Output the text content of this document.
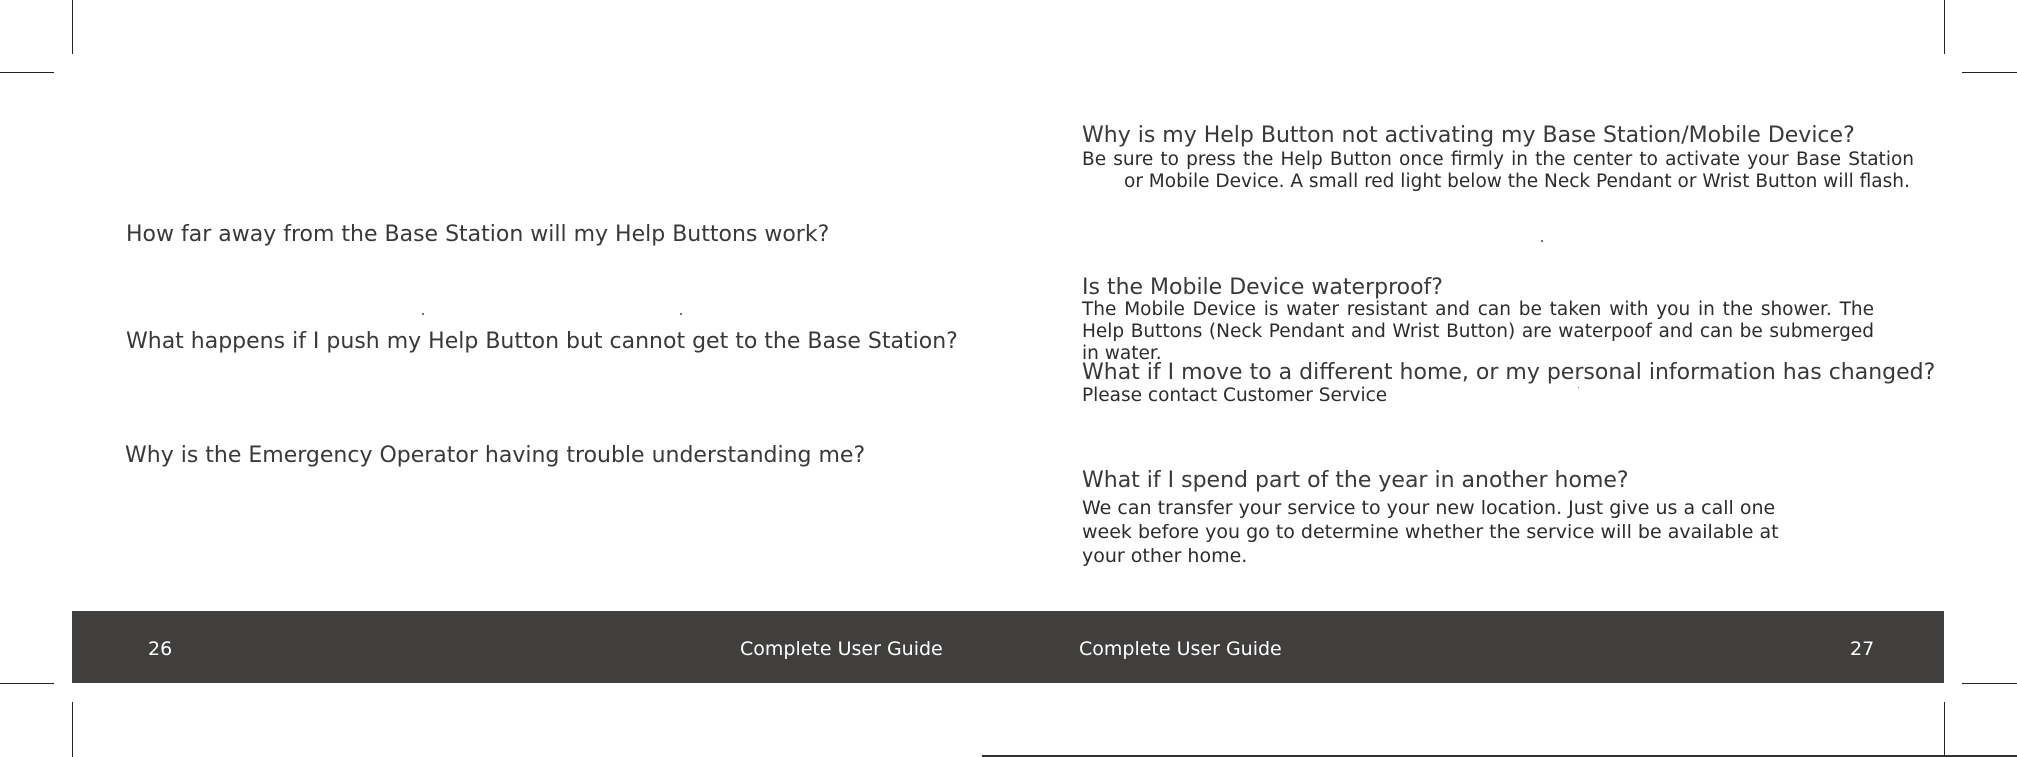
How far away from the Base Station will my Help Buttons work?
What happens if I push my Help Button but cannot get to the Base Station?
Why is the Emergency Operator having trouble understanding me?
Why is my Help Button not activating my Base Station/Mobile Device?

Be sure to press the Help Button once firmly in the center to activate your Base Station or Mobile Device. A small red light below the Neck Pendant or Wrist Button will flash.

Is the Mobile Device waterproof?

The Mobile Device is water resistant and can be taken with you in the shower. The Help Buttons (Neck Pendant and Wrist Button) are waterpoof and can be submerged in water.

What if I move to a different home, or my personal information has changed?

Please contact Customer Service

What if I spend part of the year in another home?

We can transfer your service to your new location. Just give us a call one week before you go to determine whether the service will be available at your other home.

26	Complete User Guide	Complete User Guide	27
